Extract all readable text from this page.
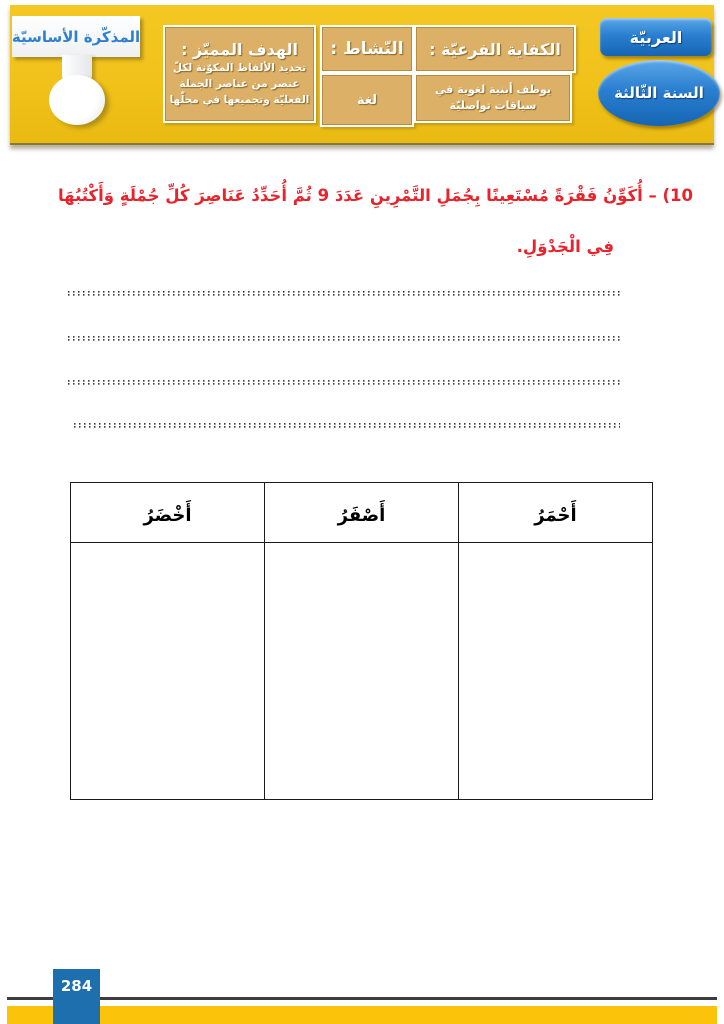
المذكّرة الأساسيّة
الهدف المميّز :
تحديد الألفاظ المكوّنة لكلّ عنصر من عناصر الجملة الفعليّة وتجميعها في محلّها
النّشاط :
لغة
الكفاية الفرعيّة :
يوظف أبنية لغوية في سياقات تواصليّة
العربيّة
السنة الثّالثة
10) – أُكَوِّنُ فَقْرَةً مُسْتَعِينًا بِجُمَلِ التَّمْرِينِ عَدَدَ 9 ثُمَّ أُحَدِّدُ عَنَاصِرَ كُلِّ جُمْلَةٍ وَأَكْتُبُهَا
فِي الْجَدْوَلِ.
أَحْمَرُ	أَصْفَرُ	أَخْضَرُ

284
